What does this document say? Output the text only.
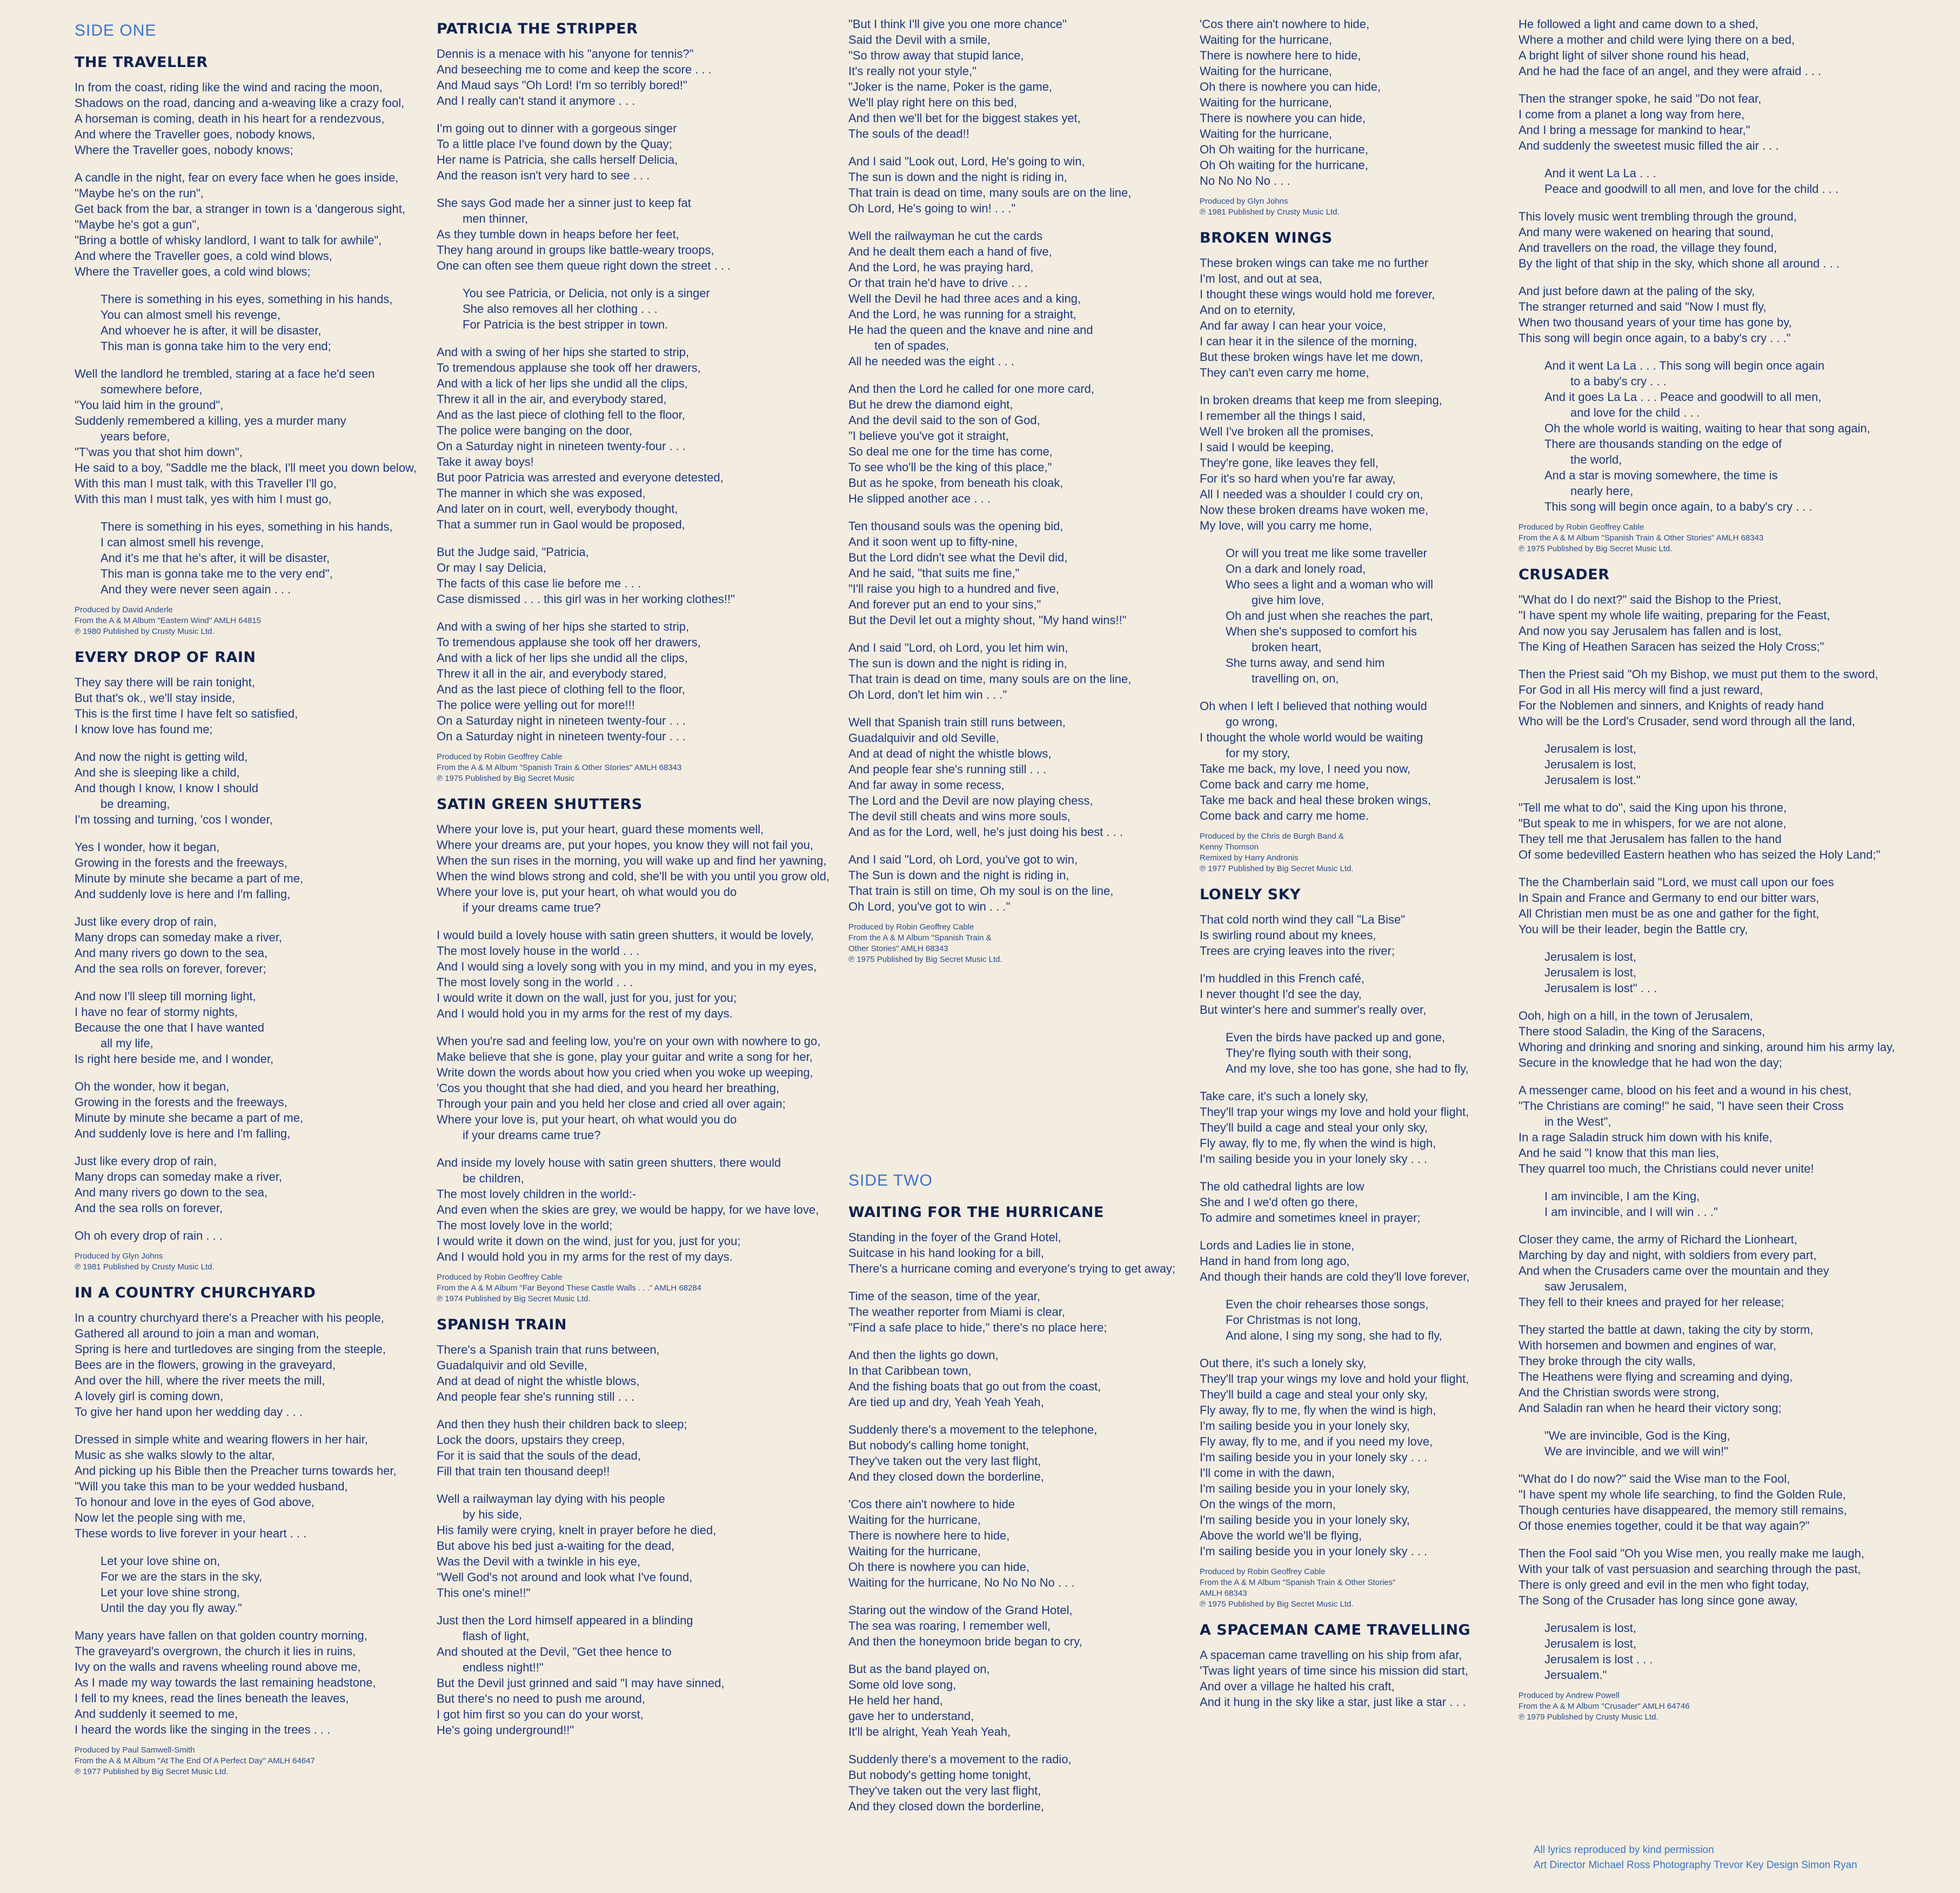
SIDE ONE
THE TRAVELLER
In from the coast, riding like the wind and racing the moon,
Shadows on the road, dancing and a-weaving like a crazy fool,
A horseman is coming, death in his heart for a rendezvous,
And where the Traveller goes, nobody knows,
Where the Traveller goes, nobody knows;
A candle in the night, fear on every face when he goes inside,
"Maybe he's on the run",
Get back from the bar, a stranger in town is a 'dangerous sight,
"Maybe he's got a gun",
"Bring a bottle of whisky landlord, I want to talk for awhile",
And where the Traveller goes, a cold wind blows,
Where the Traveller goes, a cold wind blows;
There is something in his eyes, something in his hands,
You can almost smell his revenge,
And whoever he is after, it will be disaster,
This man is gonna take him to the very end;
Well the landlord he trembled, staring at a face he'd seen
somewhere before,
"You laid him in the ground",
Suddenly remembered a killing, yes a murder many
years before,
"T'was you that shot him down",
He said to a boy, "Saddle me the black, I'll meet you down below,
With this man I must talk, with this Traveller I'll go,
With this man I must talk, yes with him I must go,
There is something in his eyes, something in his hands,
I can almost smell his revenge,
And it's me that he's after, it will be disaster,
This man is gonna take me to the very end",
And they were never seen again . . .
Produced by David Anderle
From the A & M Album "Eastern Wind" AMLH 64815
℗ 1980 Published by Crusty Music Ltd.
EVERY DROP OF RAIN
They say there will be rain tonight,
But that's ok., we'll stay inside,
This is the first time I have felt so satisfied,
I know love has found me;
And now the night is getting wild,
And she is sleeping like a child,
And though I know, I know I should
be dreaming,
I'm tossing and turning, 'cos I wonder,
Yes I wonder, how it began,
Growing in the forests and the freeways,
Minute by minute she became a part of me,
And suddenly love is here and I'm falling,
Just like every drop of rain,
Many drops can someday make a river,
And many rivers go down to the sea,
And the sea rolls on forever, forever;
And now I'll sleep till morning light,
I have no fear of stormy nights,
Because the one that I have wanted
all my life,
Is right here beside me, and I wonder,
Oh the wonder, how it began,
Growing in the forests and the freeways,
Minute by minute she became a part of me,
And suddenly love is here and I'm falling,
Just like every drop of rain,
Many drops can someday make a river,
And many rivers go down to the sea,
And the sea rolls on forever,
Oh oh every drop of rain . . .
Produced by Glyn Johns
℗ 1981 Published by Crusty Music Ltd.
IN A COUNTRY CHURCHYARD
In a country churchyard there's a Preacher with his people,
Gathered all around to join a man and woman,
Spring is here and turtledoves are singing from the steeple,
Bees are in the flowers, growing in the graveyard,
And over the hill, where the river meets the mill,
A lovely girl is coming down,
To give her hand upon her wedding day . . .
Dressed in simple white and wearing flowers in her hair,
Music as she walks slowly to the altar,
And picking up his Bible then the Preacher turns towards her,
"Will you take this man to be your wedded husband,
To honour and love in the eyes of God above,
Now let the people sing with me,
These words to live forever in your heart . . .
Let your love shine on,
For we are the stars in the sky,
Let your love shine strong,
Until the day you fly away."
Many years have fallen on that golden country morning,
The graveyard's overgrown, the church it lies in ruins,
Ivy on the walls and ravens wheeling round above me,
As I made my way towards the last remaining headstone,
I fell to my knees, read the lines beneath the leaves,
And suddenly it seemed to me,
I heard the words like the singing in the trees . . .
Produced by Paul Samwell-Smith
From the A & M Album "At The End Of A Perfect Day" AMLH 64647
℗ 1977 Published by Big Secret Music Ltd.
PATRICIA THE STRIPPER
Dennis is a menace with his "anyone for tennis?"
And beseeching me to come and keep the score . . .
And Maud says "Oh Lord! I'm so terribly bored!"
And I really can't stand it anymore . . .
I'm going out to dinner with a gorgeous singer
To a little place I've found down by the Quay;
Her name is Patricia, she calls herself Delicia,
And the reason isn't very hard to see . . .
She says God made her a sinner just to keep fat
men thinner,
As they tumble down in heaps before her feet,
They hang around in groups like battle-weary troops,
One can often see them queue right down the street . . .
You see Patricia, or Delicia, not only is a singer
She also removes all her clothing . . .
For Patricia is the best stripper in town.
And with a swing of her hips she started to strip,
To tremendous applause she took off her drawers,
And with a lick of her lips she undid all the clips,
Threw it all in the air, and everybody stared,
And as the last piece of clothing fell to the floor,
The police were banging on the door,
On a Saturday night in nineteen twenty-four . . .
Take it away boys!
But poor Patricia was arrested and everyone detested,
The manner in which she was exposed,
And later on in court, well, everybody thought,
That a summer run in Gaol would be proposed,
But the Judge said, "Patricia,
Or may I say Delicia,
The facts of this case lie before me . . .
Case dismissed . . . this girl was in her working clothes!!"
And with a swing of her hips she started to strip,
To tremendous applause she took off her drawers,
And with a lick of her lips she undid all the clips,
Threw it all in the air, and everybody stared,
And as the last piece of clothing fell to the floor,
The police were yelling out for more!!!
On a Saturday night in nineteen twenty-four . . .
On a Saturday night in nineteen twenty-four . . .
Produced by Robin Geoffrey Cable
From the A & M Album "Spanish Train & Other Stories" AMLH 68343
℗ 1975 Published by Big Secret Music
SATIN GREEN SHUTTERS
Where your love is, put your heart, guard these moments well,
Where your dreams are, put your hopes, you know they will not fail you,
When the sun rises in the morning, you will wake up and find her yawning,
When the wind blows strong and cold, she'll be with you until you grow old,
Where your love is, put your heart, oh what would you do
if your dreams came true?
I would build a lovely house with satin green shutters, it would be lovely,
The most lovely house in the world . . .
And I would sing a lovely song with you in my mind, and you in my eyes,
The most lovely song in the world . . .
I would write it down on the wall, just for you, just for you;
And I would hold you in my arms for the rest of my days.
When you're sad and feeling low, you're on your own with nowhere to go,
Make believe that she is gone, play your guitar and write a song for her,
Write down the words about how you cried when you woke up weeping,
'Cos you thought that she had died, and you heard her breathing,
Through your pain and you held her close and cried all over again;
Where your love is, put your heart, oh what would you do
if your dreams came true?
And inside my lovely house with satin green shutters, there would
be children,
The most lovely children in the world:-
And even when the skies are grey, we would be happy, for we have love,
The most lovely love in the world;
I would write it down on the wind, just for you, just for you;
And I would hold you in my arms for the rest of my days.
Produced by Robin Geoffrey Cable
From the A & M Album "Far Beyond These Castle Walls . . ." AMLH 68284
℗ 1974 Published by Big Secret Music Ltd.
SPANISH TRAIN
There's a Spanish train that runs between,
Guadalquivir and old Seville,
And at dead of night the whistle blows,
And people fear she's running still . . .
And then they hush their children back to sleep;
Lock the doors, upstairs they creep,
For it is said that the souls of the dead,
Fill that train ten thousand deep!!
Well a railwayman lay dying with his people
by his side,
His family were crying, knelt in prayer before he died,
But above his bed just a-waiting for the dead,
Was the Devil with a twinkle in his eye,
"Well God's not around and look what I've found,
This one's mine!!"
Just then the Lord himself appeared in a blinding
flash of light,
And shouted at the Devil, "Get thee hence to
endless night!!"
But the Devil just grinned and said "I may have sinned,
But there's no need to push me around,
I got him first so you can do your worst,
He's going underground!!"
"But I think I'll give you one more chance"
Said the Devil with a smile,
"So throw away that stupid lance,
It's really not your style,"
"Joker is the name, Poker is the game,
We'll play right here on this bed,
And then we'll bet for the biggest stakes yet,
The souls of the dead!!
And I said "Look out, Lord, He's going to win,
The sun is down and the night is riding in,
That train is dead on time, many souls are on the line,
Oh Lord, He's going to win! . . ."
Well the railwayman he cut the cards
And he dealt them each a hand of five,
And the Lord, he was praying hard,
Or that train he'd have to drive . . .
Well the Devil he had three aces and a king,
And the Lord, he was running for a straight,
He had the queen and the knave and nine and
ten of spades,
All he needed was the eight . . .
And then the Lord he called for one more card,
But he drew the diamond eight,
And the devil said to the son of God,
"I believe you've got it straight,
So deal me one for the time has come,
To see who'll be the king of this place,"
But as he spoke, from beneath his cloak,
He slipped another ace . . .
Ten thousand souls was the opening bid,
And it soon went up to fifty-nine,
But the Lord didn't see what the Devil did,
And he said, "that suits me fine,"
"I'll raise you high to a hundred and five,
And forever put an end to your sins,"
But the Devil let out a mighty shout, "My hand wins!!"
And I said "Lord, oh Lord, you let him win,
The sun is down and the night is riding in,
That train is dead on time, many souls are on the line,
Oh Lord, don't let him win . . ."
Well that Spanish train still runs between,
Guadalquivir and old Seville,
And at dead of night the whistle blows,
And people fear she's running still . . .
And far away in some recess,
The Lord and the Devil are now playing chess,
The devil still cheats and wins more souls,
And as for the Lord, well, he's just doing his best . . .
And I said "Lord, oh Lord, you've got to win,
The Sun is down and the night is riding in,
That train is still on time, Oh my soul is on the line,
Oh Lord, you've got to win . . ."
Produced by Robin Geoffrey Cable
From the A & M Album "Spanish Train &
Other Stories" AMLH 68343
℗ 1975 Published by Big Secret Music Ltd.
SIDE TWO
WAITING FOR THE HURRICANE
Standing in the foyer of the Grand Hotel,
Suitcase in his hand looking for a bill,
There's a hurricane coming and everyone's trying to get away;
Time of the season, time of the year,
The weather reporter from Miami is clear,
"Find a safe place to hide," there's no place here;
And then the lights go down,
In that Caribbean town,
And the fishing boats that go out from the coast,
Are tied up and dry, Yeah Yeah Yeah,
Suddenly there's a movement to the telephone,
But nobody's calling home tonight,
They've taken out the very last flight,
And they closed down the borderline,
'Cos there ain't nowhere to hide
Waiting for the hurricane,
There is nowhere here to hide,
Waiting for the hurricane,
Oh there is nowhere you can hide,
Waiting for the hurricane, No No No No . . .
Staring out the window of the Grand Hotel,
The sea was roaring, I remember well,
And then the honeymoon bride began to cry,
But as the band played on,
Some old love song,
He held her hand,
gave her to understand,
It'll be alright, Yeah Yeah Yeah,
Suddenly there's a movement to the radio,
But nobody's getting home tonight,
They've taken out the very last flight,
And they closed down the borderline,
'Cos there ain't nowhere to hide,
Waiting for the hurricane,
There is nowhere here to hide,
Waiting for the hurricane,
Oh there is nowhere you can hide,
Waiting for the hurricane,
There is nowhere you can hide,
Waiting for the hurricane,
Oh Oh waiting for the hurricane,
Oh Oh waiting for the hurricane,
No No No No . . .
Produced by Glyn Johns
℗ 1981 Published by Crusty Music Ltd.
BROKEN WINGS
These broken wings can take me no further
I'm lost, and out at sea,
I thought these wings would hold me forever,
And on to eternity,
And far away I can hear your voice,
I can hear it in the silence of the morning,
But these broken wings have let me down,
They can't even carry me home,
In broken dreams that keep me from sleeping,
I remember all the things I said,
Well I've broken all the promises,
I said I would be keeping,
They're gone, like leaves they fell,
For it's so hard when you're far away,
All I needed was a shoulder I could cry on,
Now these broken dreams have woken me,
My love, will you carry me home,
Or will you treat me like some traveller
On a dark and lonely road,
Who sees a light and a woman who will
give him love,
Oh and just when she reaches the part,
When she's supposed to comfort his
broken heart,
She turns away, and send him
travelling on, on,
Oh when I left I believed that nothing would
go wrong,
I thought the whole world would be waiting
for my story,
Take me back, my love, I need you now,
Come back and carry me home,
Take me back and heal these broken wings,
Come back and carry me home.
Produced by the Chris de Burgh Band &
Kenny Thomson
Remixed by Harry Andronis
℗ 1977 Published by Big Secret Music Ltd.
LONELY SKY
That cold north wind they call "La Bise"
Is swirling round about my knees,
Trees are crying leaves into the river;
I'm huddled in this French café,
I never thought I'd see the day,
But winter's here and summer's really over,
Even the birds have packed up and gone,
They're flying south with their song,
And my love, she too has gone, she had to fly,
Take care, it's such a lonely sky,
They'll trap your wings my love and hold your flight,
They'll build a cage and steal your only sky,
Fly away, fly to me, fly when the wind is high,
I'm sailing beside you in your lonely sky . . .
The old cathedral lights are low
She and I we'd often go there,
To admire and sometimes kneel in prayer;
Lords and Ladies lie in stone,
Hand in hand from long ago,
And though their hands are cold they'll love forever,
Even the choir rehearses those songs,
For Christmas is not long,
And alone, I sing my song, she had to fly,
Out there, it's such a lonely sky,
They'll trap your wings my love and hold your flight,
They'll build a cage and steal your only sky,
Fly away, fly to me, fly when the wind is high,
I'm sailing beside you in your lonely sky,
Fly away, fly to me, and if you need my love,
I'm sailing beside you in your lonely sky . . .
I'll come in with the dawn,
I'm sailing beside you in your lonely sky,
On the wings of the morn,
I'm sailing beside you in your lonely sky,
Above the world we'll be flying,
I'm sailing beside you in your lonely sky . . .
Produced by Robin Geoffrey Cable
From the A & M Album "Spanish Train & Other Stories"
AMLH 68343
℗ 1975 Published by Big Secret Music Ltd.
A SPACEMAN CAME TRAVELLING
A spaceman came travelling on his ship from afar,
'Twas light years of time since his mission did start,
And over a village he halted his craft,
And it hung in the sky like a star, just like a star . . .
He followed a light and came down to a shed,
Where a mother and child were lying there on a bed,
A bright light of silver shone round his head,
And he had the face of an angel, and they were afraid . . .
Then the stranger spoke, he said "Do not fear,
I come from a planet a long way from here,
And I bring a message for mankind to hear,"
And suddenly the sweetest music filled the air . . .
And it went La La . . .
Peace and goodwill to all men, and love for the child . . .
This lovely music went trembling through the ground,
And many were wakened on hearing that sound,
And travellers on the road, the village they found,
By the light of that ship in the sky, which shone all around . . .
And just before dawn at the paling of the sky,
The stranger returned and said "Now I must fly,
When two thousand years of your time has gone by,
This song will begin once again, to a baby's cry . . ."
And it went La La . . . This song will begin once again
to a baby's cry . . .
And it goes La La . . . Peace and goodwill to all men,
and love for the child . . .
Oh the whole world is waiting, waiting to hear that song again,
There are thousands standing on the edge of
the world,
And a star is moving somewhere, the time is
nearly here,
This song will begin once again, to a baby's cry . . .
Produced by Robin Geoffrey Cable
From the A & M Album "Spanish Train & Other Stories" AMLH 68343
℗ 1975 Published by Big Secret Music Ltd.
CRUSADER
"What do I do next?" said the Bishop to the Priest,
"I have spent my whole life waiting, preparing for the Feast,
And now you say Jerusalem has fallen and is lost,
The King of Heathen Saracen has seized the Holy Cross;"
Then the Priest said "Oh my Bishop, we must put them to the sword,
For God in all His mercy will find a just reward,
For the Noblemen and sinners, and Knights of ready hand
Who will be the Lord's Crusader, send word through all the land,
Jerusalem is lost,
Jerusalem is lost,
Jerusalem is lost."
"Tell me what to do", said the King upon his throne,
"But speak to me in whispers, for we are not alone,
They tell me that Jerusalem has fallen to the hand
Of some bedevilled Eastern heathen who has seized the Holy Land;"
The the Chamberlain said "Lord, we must call upon our foes
In Spain and France and Germany to end our bitter wars,
All Christian men must be as one and gather for the fight,
You will be their leader, begin the Battle cry,
Jerusalem is lost,
Jerusalem is lost,
Jerusalem is lost" . . .
Ooh, high on a hill, in the town of Jerusalem,
There stood Saladin, the King of the Saracens,
Whoring and drinking and snoring and sinking, around him his army lay,
Secure in the knowledge that he had won the day;
A messenger came, blood on his feet and a wound in his chest,
"The Christians are coming!" he said, "I have seen their Cross
in the West",
In a rage Saladin struck him down with his knife,
And he said "I know that this man lies,
They quarrel too much, the Christians could never unite!
I am invincible, I am the King,
I am invincible, and I will win . . ."
Closer they came, the army of Richard the Lionheart,
Marching by day and night, with soldiers from every part,
And when the Crusaders came over the mountain and they
saw Jerusalem,
They fell to their knees and prayed for her release;
They started the battle at dawn, taking the city by storm,
With horsemen and bowmen and engines of war,
They broke through the city walls,
The Heathens were flying and screaming and dying,
And the Christian swords were strong,
And Saladin ran when he heard their victory song;
"We are invincible, God is the King,
We are invincible, and we will win!"
"What do I do now?" said the Wise man to the Fool,
"I have spent my whole life searching, to find the Golden Rule,
Though centuries have disappeared, the memory still remains,
Of those enemies together, could it be that way again?"
Then the Fool said "Oh you Wise men, you really make me laugh,
With your talk of vast persuasion and searching through the past,
There is only greed and evil in the men who fight today,
The Song of the Crusader has long since gone away,
Jerusalem is lost,
Jerusalem is lost,
Jerusalem is lost . . .
Jersualem."
Produced by Andrew Powell
From the A & M Album "Crusader" AMLH 64746
℗ 1979 Published by Crusty Music Ltd.
All lyrics reproduced by kind permission
Art Director Michael Ross Photography Trevor Key Design Simon Ryan
